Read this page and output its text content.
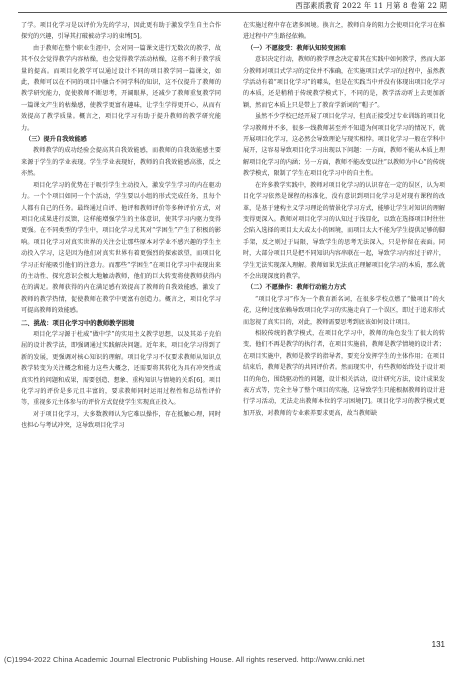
西部素质教育 2022 年 11 月第 8 卷第 22 期

了学。项目化学习是以评价为先的学习，因此更有助于激发学生自主合作探究的兴趣，引导其打破被动学习的束缚[5]。

由于教师在整个职业生涯中，会对同一篇课文进行无数次的教学，故其不仅会觉得教学内容枯燥，也会觉得教学活动枯燥，这将不利于教学质量的提高。而项目化教学可以通过设计不同的项目教学同一篇课文，如此，教师可以在不同的项目中融合不同学科的知识，这不仅提升了教师的教学研究能力，促使教师不断思考，开阔眼界，还减少了教师重复教学同一篇课文产生的枯燥感，使教学更富有趣味，让学生学得更开心，从而有效提高了教学质量。概言之，项目化学习有助于提升教师的教学研究能力。

（三）提升自我效能感

教师教学的成功经验会提高其自我效能感，而教师的自我效能感主要来源于学生的学业表现。学生学业表现好，教师的自我效能感高涨，反之亦然。

项目化学习的优势在于吸引学生主动投入，激发学生学习的内在驱动力。一个个项目如同一个个活动，学生要以小组的形式完成任务，且每个人都有自己的任务。最终通过自评、他评和教师评价等多种评价方式，对项目化成果进行反馈，这样能增强学生的主体意识，使其学习内驱力变得更强。在不同类型的学生中，项目化学习尤其对“学困生”产生了积极的影响。项目化学习对真实世界的关注会让那些原本对学业不感兴趣的学生主动投入学习，这是因为他们对真实世界有着更强烈的探索欲望，而项目化学习正好能吸引他们的注意力。而那些“学困生”在项目化学习中表现出来的主动性、探究意识会极大地触动教师，他们的巨大转变将使教师获得内在的满足。教师获得的内在满足感有效提高了教师的自我效能感，激发了教师的教学热情，促使教师在教学中更富有创造力。概言之，项目化学习可提高教师的效能感。

二、挑战：项目化学习中的教师教学困境

项目化学习源于杜威“做中学”的实用主义教学思想，以及其弟子克伯屈的设计教学法，即强调通过实践解决问题。近年来，项目化学习得到了新的发展，更强调对核心知识的理解。项目化学习不仅要求教师从知识点教学转变为关注概念和能力这些大概念，还需要将其转化为具有冲突性或真实性的问题和成果，需要创造、想象、重构知识与情境的关系[6]。项目化学习的评价是多元且丰富的，要求教师同时运用过程性和总结性评价等，重视多元主体参与的评价方式促使学生实现真正投入。

对于项目化学习，大多数教师认为它难以操作，存在抵触心理，同时也担心与考试冲突，这导致项目化学习

在实施过程中存在诸多困境。换言之，教师自身的阻力会使项目化学习在推进过程中产生路径依赖。

（一）不愿接受：教师认知转变困难

意识决定行动，教师的教学理念决定着其在实践中如何教学，然而大部分教师对项目式学习的定位并不准确，在实施项目式学习的过程中，虽然教学活动有着“项目化学习”的噱头，但是在实践当中并没有体现出项目化学习的本质，还是稍稍于传统教学模式下，不同的是，教学活动听上去更加新颖，然而它本质上只是带上了教育学新词的“帽子”。

虽然不少学校已经开展了项目化学习，但真正接受过专业训练的项目化学习教师并不多，很多一线教师甚至并不知道为何项目化学习的情况下，就开展项目化学习，这必然会导致理论与现实相悖。项目化学习一般在学科中展开，这容易导致项目化学习出现以下问题：一方面，教师不能从本质上理解项目化学习的内涵；另一方面，教师不能改变以往“以教师为中心”的传统教学模式，限制了学生在项目化学习中的自主性。

在许多教学实践中，教师对项目化学习的认识存在一定的误区，认为项目化学习依然是课程的标准化，没有意识到项目化学习是对现有课程的改革，是基于建构主义学习理论的情景化学习方式，能够让学生对知识的理解变得更深入。教师对项目化学习的认知过于浅显化，以致在选择项目时往往会陷入选择的项目太大或太小的困境，而项目太大不能为学生提供足够的脚手架，反之则过于局限，导致学生的思考无法深入，只是停留在表面。同时，大部分项目只是把不同知识内容串联在一起，导致学习内容过于碎片，学生无法实现深入理解。教师如果无法真正理解项目化学习的本质，那么就不会出现深度的教学。

（二）不愿操作：教师行动能力方式

“项目化学习”作为一个教育新名词，在很多学校点燃了“做项目”的火花，这种过度依赖导致项目化学习的实施走向了一个误区，即过于追求形式而忽视了真实目的，对此，教师需要思考到底该如何设计项目。

相较传统的教学模式，在项目化学习中，教师的角色发生了很大的转变，他们不再是教学的执行者，在项目实施前，教师是教学情境的设计者；在项目实施中，教师是教学的指导者，要充分发挥学生的主体作用；在项目结束后，教师是教学的共同评价者。然而现实中，有些教师始终处于设计项目的角色，围绕驱动性的问题，设计相关活动，设计研究方法，设计成果发表方式等，完全主导了整个项目的实施，这导致学生只能根据教师的设计进行学习活动，无法走出教师本位的学习困境[7]。项目化学习的教学模式更加开放，对教师的专业素养要求更高，故当教师缺

131
(C)1994-2022 China Academic Journal Electronic Publishing House. All rights reserved. http://www.cnki.net
